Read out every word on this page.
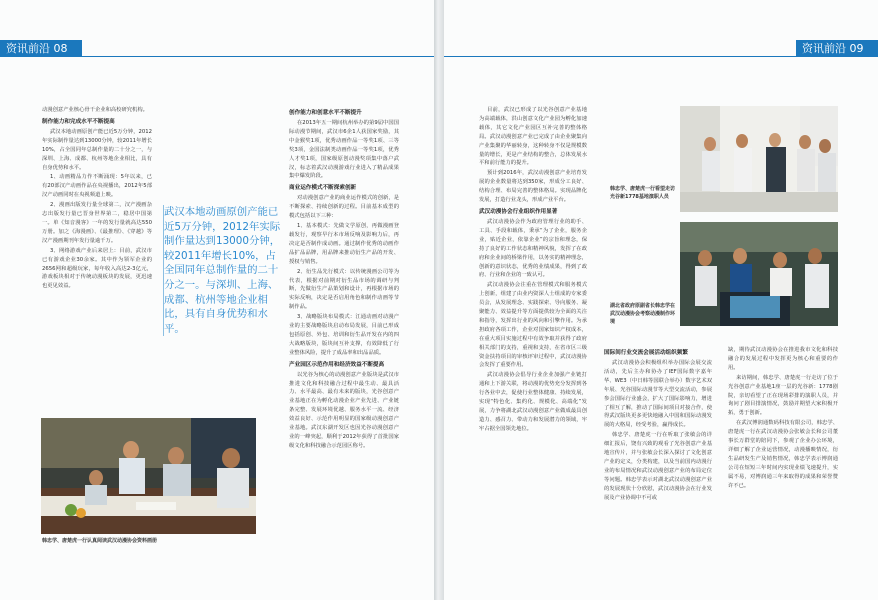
资讯前沿 08

动漫创意产业核心骨干企业和高校研究机构。

制作能力和完成水平不断提高

武汉本地动画原创产能已近5万分钟，2012年实际制作量达到13000分钟，较2011年增长10%，占全国同年总制作量的二十分之一，与深圳、上海、成都、杭州等地企业相比，具有自身优势和水平。

1、动画精品力作不断涌现：5年以来，已有20部汉产动画作品在央视播出，2012年5部汉产动画同时在央视频道上映。

2、漫画出版发行量全球第二，汉产漫画杂志出版发行量已晋身世界第二，稳居中国第一。单《知音漫客》一年的发行量就高达550万册。加之《海漫画》、《最推理》、《穿越》等汉产漫画期刊年发行量逾千万。

3、网络游戏产业后来居上：目前，武汉市已有游戏企业30余家。其中作为领军企业的2656网和超级玩家，每年收入高达2-3亿元，游戏板块相对于传统动漫板块的发展，更迅速也更见效益。

武汉本地动画原创产能已近5万分钟，2012年实际制作量达到13000分钟，较2011年增长10%，占全国同年总制作量的二十分之一。与深圳、上海、成都、杭州等地企业相比，具有自身优势和水平。
创作能力和创意水平不断提升

在2013年五一期间杭州举办的第9届中国国际动漫节期间，武汉市6企1人获国家奖励，其中金猴奖1项，优秀动画作品一等奖1项、三等奖3项，金国法制类动画作品一等奖1项，优秀人才奖1项，国家级原创动漫奖项集中落户武汉，标志着武汉动漫游戏行业进入了精品成果集中爆发阶段。

商业运作模式不断探索创新

对动漫创意产业的商业运作模式的创新，是不断探索、持续创新的过程。目前基本成型的模式包括以下三种：

1、基本模式：先做文学原创，再做漫画登载发行，观察早行本市场反响及影响力后，再决定是否制作成动画。通过制作优秀的动画作品扩品品牌，用品牌来推动衍生产品的开发、授权与销售。

2、衍生品先行模式：以传统漫画公司等为代表，根据对前期对衍生品市场的调研与判断，先做衍生产品策划和设计，再根据市场的实际反响，决定是否启用角色和制作动画等节制作品。

3、战略版块布局模式：江通动画对动漫产业的主要战略版块启动布局发展，目前已形成包括原创、外包、培训和衍生品开发在内的四大战略版块，版块间互补支撑，有效降低了行业整体风险，提升了成品率和出品品质。

产业园区示范作用和经济效益不断提高

以光谷为核心的动漫创意产业版块是武汉市推进文化和科技融合过程中最生动、最具活力、水平最高、最有未来的版块，光谷创意产业基地正在为孵化动漫企业产业先进、产业链条完整、发展环境优越、服务水平一流、经济效益良好、示范作用明显的国家级动漫创意产业基地。武汉东湖开发区也因光谷动漫创意产业的一峰突起，顺利于2012年获得了首批国家级文化和科技融合示范园区称号。

韩忠学、唐楚虎一行认真阅读武汉动漫协会资料画册
资讯前沿 09

目前，武汉已形成了以光谷创意产业基地为高端载体，洪山创意文化产业园为孵化加速载体，其它文化产业园区互补完善的整体格局。武汉动漫创意产业已完成了由企业聚集向产业集聚的华丽转身，这种转身不仅是规模数量的增长，更是产业结构的整合，总体发展水平和前行能力的提升。

预计到2016年，武汉动漫创意产业培育发展的企业数量将达到350家，形成分工良好、结构合理、布局完善的整体格局。实现品牌化发展，打造行业龙头，形成产业平台。

武汉动漫协会行业组织作用显著

武汉动漫协会作为政府管理行业的助手、工具、手段和载体，秉承“为了企业，服务企业，贴近企业，依靠企业”的宗旨和理念，保持了良好的工作状态和精神风貌，发挥了在政府和企业间的桥梁作用，以务实的精神理念，创新的意识状态，优秀的业绩成果，得到了政府、行业和企业的一致认可。

武汉动漫协会注重在管理模式和服务模式上创新，组建了由业内资深人士组成的专家委员会，从发展理念、实践探索、导向服务、凝聚能力、效益提升等方面提供较为全面的关注和指导，发挥出行业的风向和引擎作用。为承担政府各项工作，企业对国家知识产权成本，在重大项目实施过程中有效争取并获得了政府相关部门的支持，重视和支持，在省市区三级资金扶持项目的审核评审过程中，武汉动漫协会发挥了重要作用。

武汉动漫协会倡导行业企业加强产业链打通和上下游关联，将动漫的优势充分发挥到各行各业中去，促使行业整体健康、持续发展，实现“特色化、集约化、规模化、高端化”发展，力争将湖北武汉动漫创意产业做成最具创造力、感召力、带动力和发展潜力的领域，牢牢占据全国领先地位。

韩忠学、唐楚虎一行看望走访光谷新1778基地演职人员
湖北省政府原副省长韩忠学在武汉动漫协会考察动漫制作环境
国际间行业交流会展活动组织频繁

武汉动漫协会积极组织举办国际会展交流活动，先后主办和协办了IEF国际数字嘉年华、WE3（中日韩等国联合举办）数字艺术双年展、光谷国际动漫节等大型交流活动，参展参会国际行业盛会，扩大了国际影响力，增进了相互了解，推动了国际间项目对接合作，使得武汉版块更多更快地融入中国和国际动漫发展的大格局，经受考验，赢得成长。

韩忠学、唐楚虎一行在听取了张敏会的详细汇报后，饶有兴致的观看了光谷创意产业基地宣传片，并与张敏会长深入探讨了文化创意产业的定义，分类构建，以及当前国内动漫行业的布局情况和武汉动漫创意产业的布局定位等问题。韩忠学表示对湖北武汉动漫创意产业的发展现状十分欣慰，武汉动漫协会在行业发展及产业协调中不可或

缺，期待武汉动漫协会在推进我市文化和科技融合的发展过程中发挥更为核心和重要的作用。

来访期间，韩忠学、唐楚虎一行走访了位于光谷创意产业基地1座一层的光谷新：1778剧院，亲切看望了正在现场彩排的演职人员，并询问了剧目排演情况，鼓励并期望大家积极开拓，勇于创新。

在武汉博润通数码科技有限公司，韩忠学、唐楚虎一行在武汉动漫协会张敏会长和公司董事长万群堂的陪同下，参观了企业办公环境，详细了解了企业运营情况，动漫播映情况，衍生品研发生产及销售情况，韩忠学表示博润通公司在短短三年时间内实现业绩飞速提升，实属不易，对博润通三年来取得的成果和荣誉赞许不已。
